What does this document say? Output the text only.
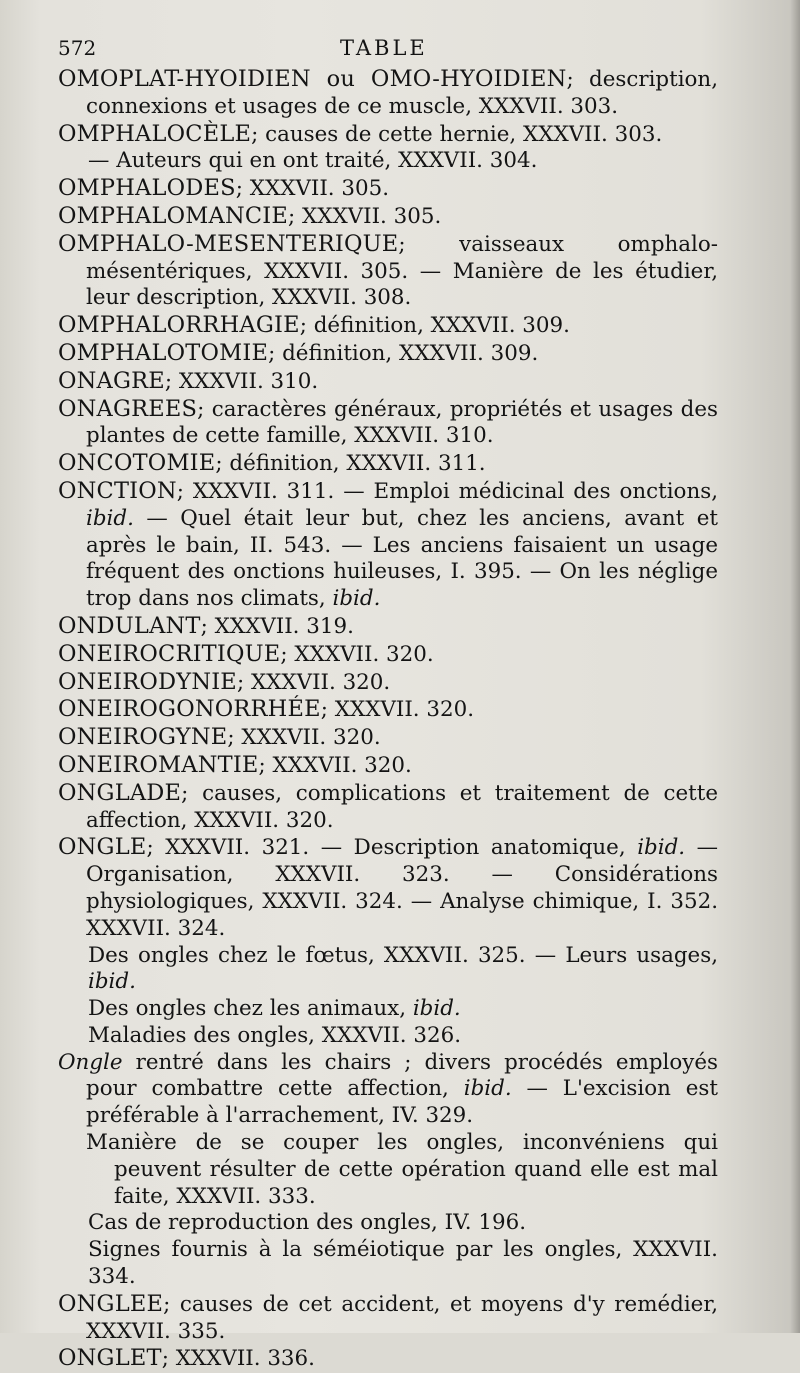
572	TABLE

OMOPLAT-HYOIDIEN ou OMO-HYOIDIEN; description, connexions et usages de ce muscle, XXXVII. 303.

OMPHALOCÈLE; causes de cette hernie, XXXVII. 303.

— Auteurs qui en ont traité, XXXVII. 304.

OMPHALODES; XXXVII. 305.

OMPHALOMANCIE; XXXVII. 305.

OMPHALO-MESENTERIQUE; vaisseaux omphalo-mésentériques, XXXVII. 305. — Manière de les étudier, leur description, XXXVII. 308.

OMPHALORRHAGIE; définition, XXXVII. 309.

OMPHALOTOMIE; définition, XXXVII. 309.

ONAGRE; XXXVII. 310.

ONAGREES; caractères généraux, propriétés et usages des plantes de cette famille, XXXVII. 310.

ONCOTOMIE; définition, XXXVII. 311.

ONCTION; XXXVII. 311. — Emploi médicinal des onctions, ibid. — Quel était leur but, chez les anciens, avant et après le bain, II. 543. — Les anciens faisaient un usage fréquent des onctions huileuses, I. 395. — On les néglige trop dans nos climats, ibid.

ONDULANT; XXXVII. 319.

ONEIROCRITIQUE; XXXVII. 320.

ONEIRODYNIE; XXXVII. 320.

ONEIROGONORRHÉE; XXXVII. 320.

ONEIROGYNE; XXXVII. 320.

ONEIROMANTIE; XXXVII. 320.

ONGLADE; causes, complications et traitement de cette affection, XXXVII. 320.

ONGLE; XXXVII. 321. — Description anatomique, ibid. — Organisation, XXXVII. 323. — Considérations physiologiques, XXXVII. 324. — Analyse chimique, I. 352. XXXVII. 324.

Des ongles chez le fœtus, XXXVII. 325. — Leurs usages, ibid.

Des ongles chez les animaux, ibid.

Maladies des ongles, XXXVII. 326.

Ongle rentré dans les chairs ; divers procédés employés pour combattre cette affection, ibid. — L'excision est préférable à l'arrachement, IV. 329.

Manière de se couper les ongles, inconvéniens qui peuvent résulter de cette opération quand elle est mal faite, XXXVII. 333.

Cas de reproduction des ongles, IV. 196.

Signes fournis à la séméiotique par les ongles, XXXVII. 334.

ONGLEE; causes de cet accident, et moyens d'y remédier, XXXVII. 335.

ONGLET; XXXVII. 336.
